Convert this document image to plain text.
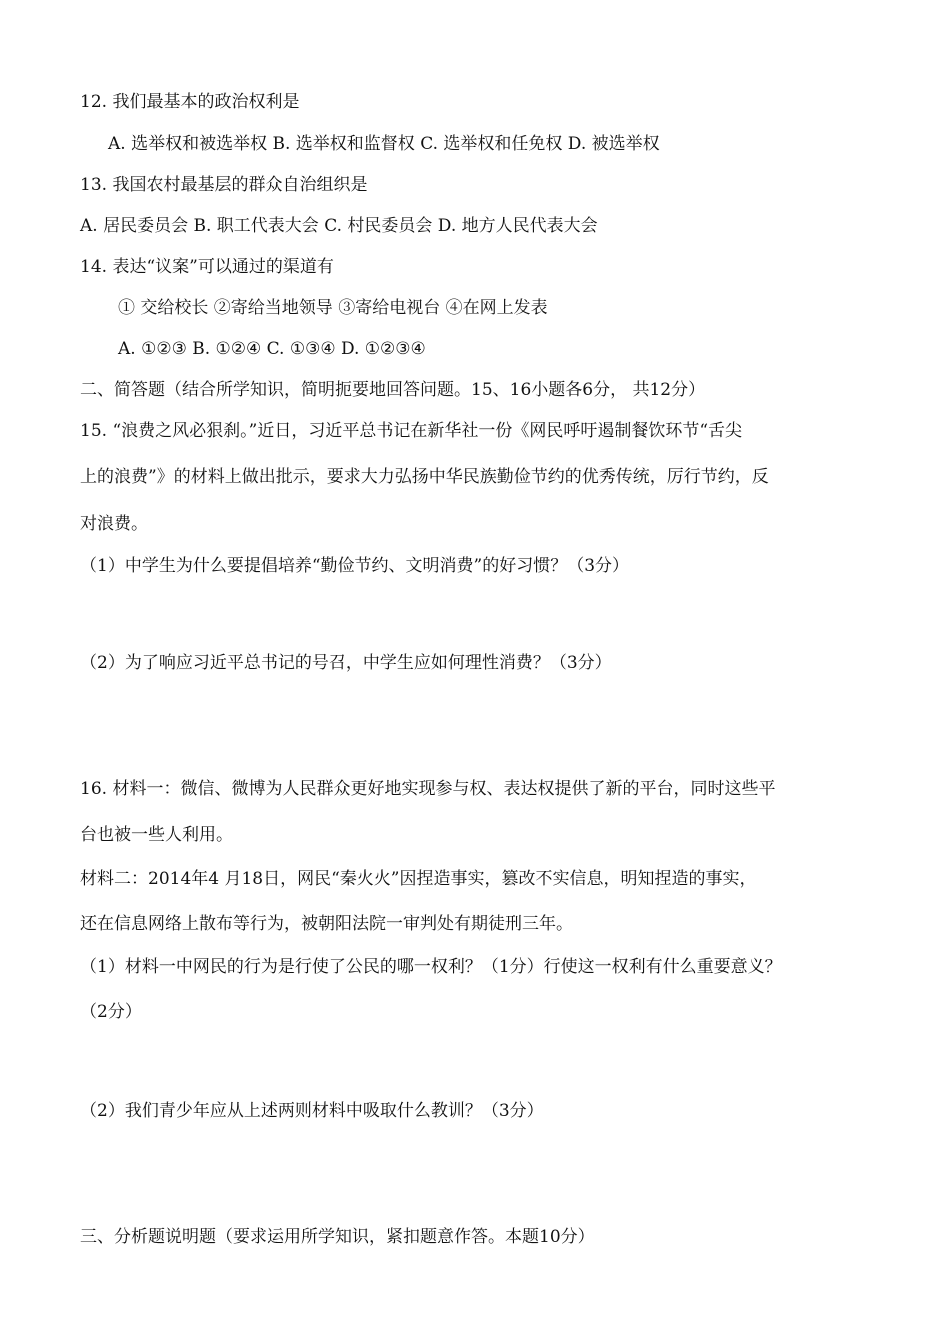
12. 我们最基本的政治权利是
A. 选举权和被选举权 B. 选举权和监督权 C. 选举权和任免权 D. 被选举权
13. 我国农村最基层的群众自治组织是
A. 居民委员会 B. 职工代表大会 C. 村民委员会 D. 地方人民代表大会
14. 表达“议案”可以通过的渠道有
① 交给校长 ②寄给当地领导 ③寄给电视台 ④在网上发表
A. ①②③ B. ①②④ C. ①③④ D. ①②③④
二、简答题（结合所学知识，简明扼要地回答问题。15、16小题各6分， 共12分）
15. “浪费之风必狠刹。”近日，习近平总书记在新华社一份《网民呼吁遏制餐饮环节“舌尖
上的浪费”》的材料上做出批示，要求大力弘扬中华民族勤俭节约的优秀传统，厉行节约，反
对浪费。
（1）中学生为什么要提倡培养“勤俭节约、文明消费”的好习惯？（3分）
（2）为了响应习近平总书记的号召，中学生应如何理性消费？（3分）
16. 材料一：微信、微博为人民群众更好地实现参与权、表达权提供了新的平台，同时这些平
台也被一些人利用。
材料二：2014年4 月18日，网民“秦火火”因捏造事实，篡改不实信息，明知捏造的事实，
还在信息网络上散布等行为，被朝阳法院一审判处有期徒刑三年。
（1）材料一中网民的行为是行使了公民的哪一权利？（1分）行使这一权利有什么重要意义？
（2分）
（2）我们青少年应从上述两则材料中吸取什么教训？（3分）
三、分析题说明题（要求运用所学知识，紧扣题意作答。本题10分）
